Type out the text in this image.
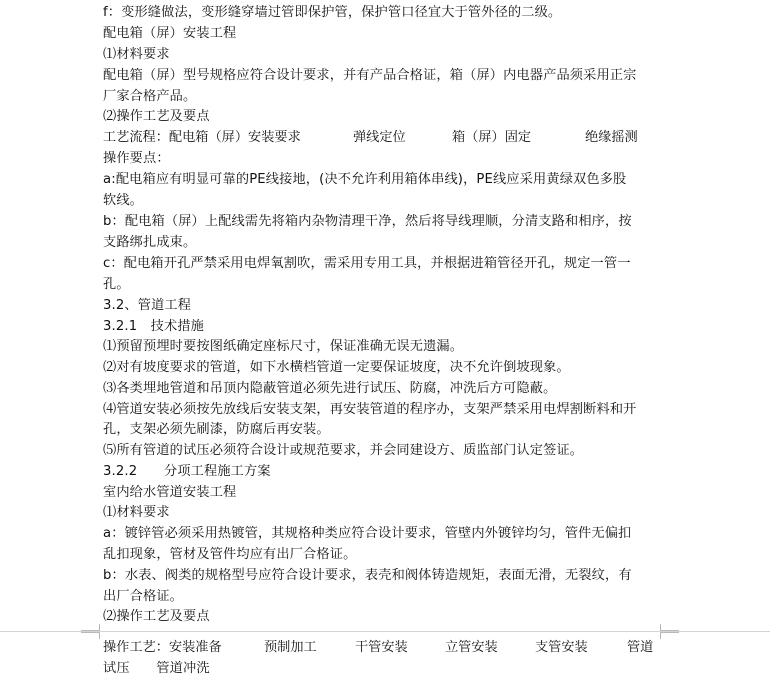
f：变形缝做法，变形缝穿墙过管即保护管，保护管口径宜大于管外径的二级。
配电箱（屏）安装工程
⑴材料要求
配电箱（屏）型号规格应符合设计要求，并有产品合格证，箱（屏）内电器产品须采用正宗
厂家合格产品。
⑵操作工艺及要点
工艺流程：配电箱（屏）安装要求	弹线定位	箱（屏）固定	绝缘摇测
操作要点：
a:配电箱应有明显可靠的PE线接地，(决不允许利用箱体串线)，PE线应采用黄绿双色多股
软线。
b：配电箱（屏）上配线需先将箱内杂物清理干净，然后将导线理顺，分清支路和相序，按
支路绑扎成束。
c：配电箱开孔严禁采用电焊氧割吹，需采用专用工具，并根据进箱管径开孔，规定一管一
孔。
3.2、管道工程
3.2.1　技术措施
⑴预留预埋时要按图纸确定座标尺寸，保证准确无误无遗漏。
⑵对有坡度要求的管道，如下水横档管道一定要保证坡度，决不允许倒坡现象。
⑶各类埋地管道和吊顶内隐蔽管道必须先进行试压、防腐，冲洗后方可隐蔽。
⑷管道安装必须按先放线后安装支架，再安装管道的程序办，支架严禁采用电焊割断料和开
孔，支架必须先刷漆，防腐后再安装。
⑸所有管道的试压必须符合设计或规范要求，并会同建设方、质监部门认定签证。
3.2.2　　分项工程施工方案
室内给水管道安装工程
⑴材料要求
a：镀锌管必须采用热镀管，其规格种类应符合设计要求，管壁内外镀锌均匀，管件无偏扣
乱扣现象，管材及管件均应有出厂合格证。
b：水表、阀类的规格型号应符合设计要求，表壳和阀体铸造规矩，表面无滑，无裂纹，有
出厂合格证。
⑵操作工艺及要点
操作工艺：安装准备	预制加工	干管安装	立管安装	支管安装	管道
试压　　管道冲洗
